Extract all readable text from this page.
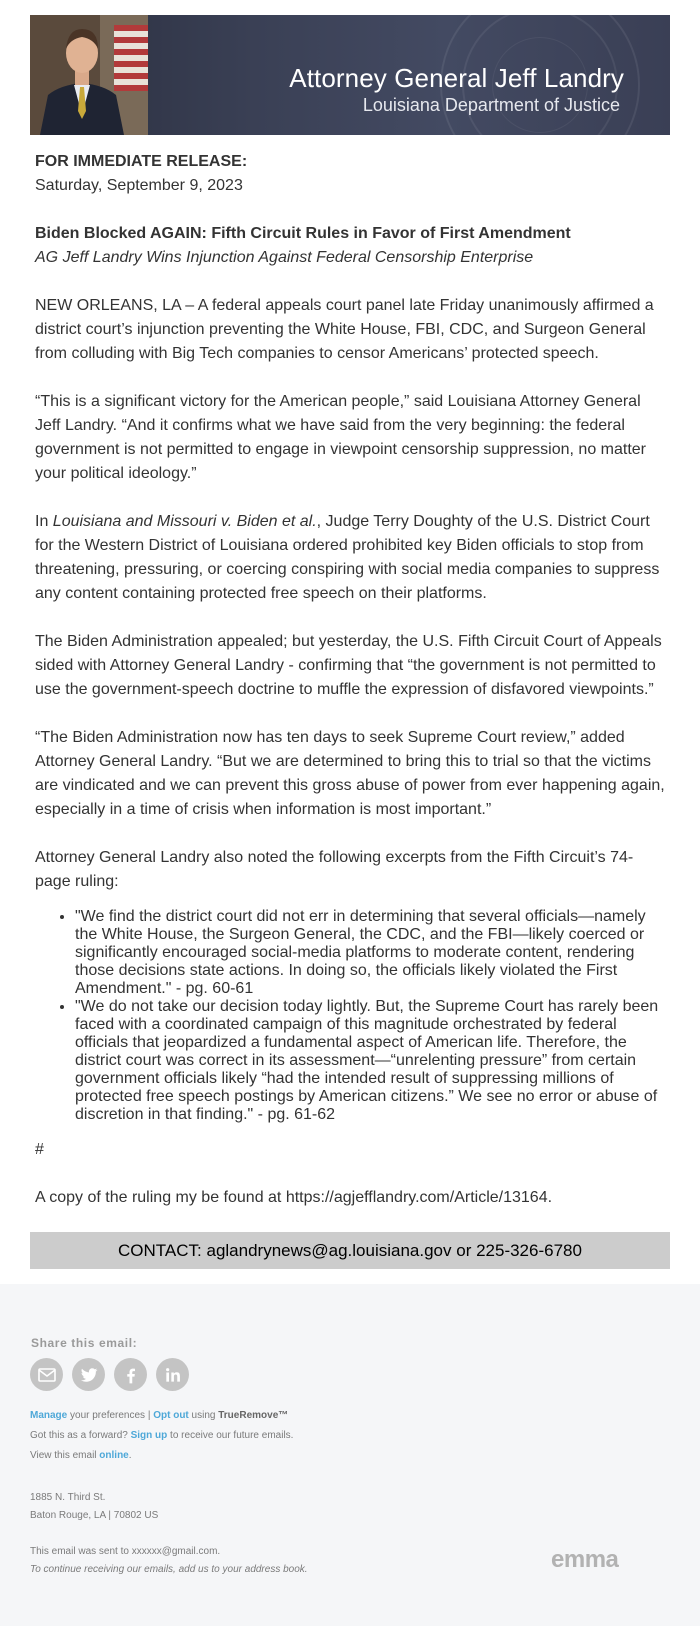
Attorney General Jeff Landry
Louisiana Department of Justice
FOR IMMEDIATE RELEASE:
Saturday, September 9, 2023
Biden Blocked AGAIN: Fifth Circuit Rules in Favor of First Amendment
AG Jeff Landry Wins Injunction Against Federal Censorship Enterprise

NEW ORLEANS, LA – A federal appeals court panel late Friday unanimously affirmed a district court’s injunction preventing the White House, FBI, CDC, and Surgeon General from colluding with Big Tech companies to censor Americans’ protected speech.

“This is a significant victory for the American people,” said Louisiana Attorney General Jeff Landry. “And it confirms what we have said from the very beginning: the federal government is not permitted to engage in viewpoint censorship suppression, no matter your political ideology.”

In Louisiana and Missouri v. Biden et al., Judge Terry Doughty of the U.S. District Court for the Western District of Louisiana ordered prohibited key Biden officials to stop from threatening, pressuring, or coercing conspiring with social media companies to suppress any content containing protected free speech on their platforms.

The Biden Administration appealed; but yesterday, the U.S. Fifth Circuit Court of Appeals sided with Attorney General Landry - confirming that “the government is not permitted to use the government-speech doctrine to muffle the expression of disfavored viewpoints.”

“The Biden Administration now has ten days to seek Supreme Court review,” added Attorney General Landry. “But we are determined to bring this to trial so that the victims are vindicated and we can prevent this gross abuse of power from ever happening again, especially in a time of crisis when information is most important.”

Attorney General Landry also noted the following excerpts from the Fifth Circuit’s 74-page ruling:

• "We find the district court did not err in determining that several officials—namely the White House, the Surgeon General, the CDC, and the FBI—likely coerced or significantly encouraged social-media platforms to moderate content, rendering those decisions state actions. In doing so, the officials likely violated the First Amendment." - pg. 60-61
• "We do not take our decision today lightly. But, the Supreme Court has rarely been faced with a coordinated campaign of this magnitude orchestrated by federal officials that jeopardized a fundamental aspect of American life. Therefore, the district court was correct in its assessment—“unrelenting pressure” from certain government officials likely “had the intended result of suppressing millions of protected free speech postings by American citizens.” We see no error or abuse of discretion in that finding." - pg. 61-62
#
A copy of the ruling my be found at https://agjefflandry.com/Article/13164.
CONTACT: aglandrynews@ag.louisiana.gov or 225-326-6780
Share this email:
Manage your preferences | Opt out using TrueRemove™
Got this as a forward? Sign up to receive our future emails.
View this email online.
1885 N. Third St.
Baton Rouge, LA | 70802 US
This email was sent to xxxxxx@gmail.com.
To continue receiving our emails, add us to your address book.	emma
